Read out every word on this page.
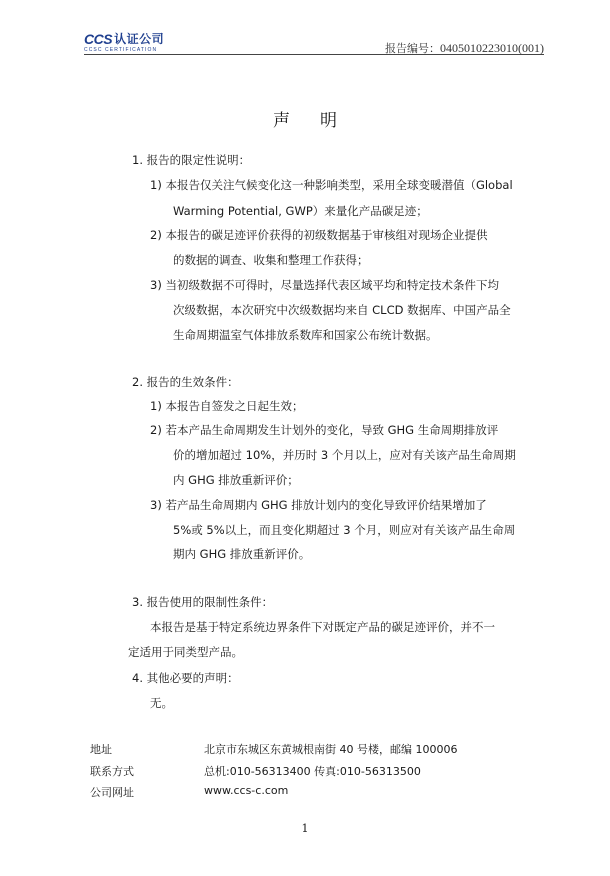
CCS 认证公司
CCSC CERTIFICATION	报告编号：0405010223010(001)
声明
1. 报告的限定性说明：
1) 本报告仅关注气候变化这一种影响类型，采用全球变暖潜值（Global
Warming Potential, GWP）来量化产品碳足迹；
2) 本报告的碳足迹评价获得的初级数据基于审核组对现场企业提供
的数据的调查、收集和整理工作获得；
3) 当初级数据不可得时，尽量选择代表区域平均和特定技术条件下均
次级数据，本次研究中次级数据均来自 CLCD 数据库、中国产品全
生命周期温室气体排放系数库和国家公布统计数据。
2. 报告的生效条件：
1) 本报告自签发之日起生效；
2) 若本产品生命周期发生计划外的变化，导致 GHG 生命周期排放评
价的增加超过 10%，并历时 3 个月以上，应对有关该产品生命周期
内 GHG 排放重新评价；
3) 若产品生命周期内 GHG 排放计划内的变化导致评价结果增加了
5%或 5%以上，而且变化期超过 3 个月，则应对有关该产品生命周
期内 GHG 排放重新评价。
3. 报告使用的限制性条件：
本报告是基于特定系统边界条件下对既定产品的碳足迹评价，并不一
定适用于同类型产品。
4. 其他必要的声明：
无。
地址	北京市东城区东黄城根南街 40 号楼，邮编 100006
联系方式	总机:010-56313400 传真:010-56313500
公司网址	www.ccs-c.com
1
